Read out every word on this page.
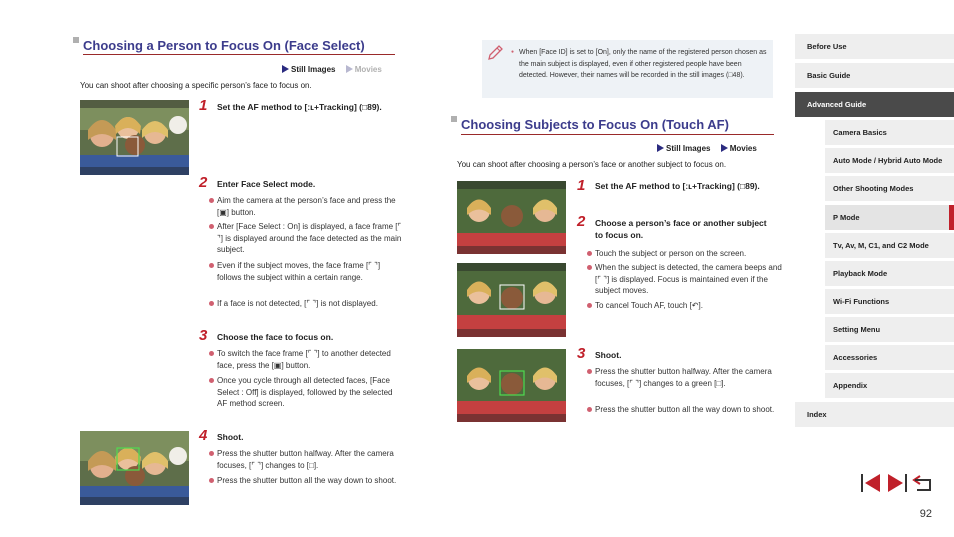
Choosing a Person to Focus On (Face Select)
Still Images Movies
You can shoot after choosing a specific person’s face to focus on.
1 Set the AF method to [ːʟ+Tracking] (□89).
2 Enter Face Select mode.
Aim the camera at the person’s face and press the [▣] button.
After [Face Select : On] is displayed, a face frame [⌜ ⌝] is displayed around the face detected as the main subject.
Even if the subject moves, the face frame [⌜ ⌝] follows the subject within a certain range.
If a face is not detected, [⌜ ⌝] is not displayed.
3 Choose the face to focus on.
To switch the face frame [⌜ ⌝] to another detected face, press the [▣] button.
Once you cycle through all detected faces, [Face Select : Off] is displayed, followed by the selected AF method screen.
4 Shoot.
Press the shutter button halfway. After the camera focuses, [⌜ ⌝] changes to [□].
Press the shutter button all the way down to shoot.
● When [Face ID] is set to [On], only the name of the registered person chosen as the main subject is displayed, even if other registered people have been detected. However, their names will be recorded in the still images (□48).
Choosing Subjects to Focus On (Touch AF)
Still Images Movies
You can shoot after choosing a person’s face or another subject to focus on.
1 Set the AF method to [ːʟ+Tracking] (□89).
2 Choose a person’s face or another subject to focus on.
Touch the subject or person on the screen.
When the subject is detected, the camera beeps and [⌜ ⌝] is displayed. Focus is maintained even if the subject moves.
To cancel Touch AF, touch [↶].
3 Shoot.
Press the shutter button halfway. After the camera focuses, [⌜ ⌝] changes to a green [□].
Press the shutter button all the way down to shoot.
Before Use
Basic Guide
Advanced Guide
Camera Basics
Auto Mode / Hybrid Auto Mode
Other Shooting Modes
P Mode
Tv, Av, M, C1, and C2 Mode
Playback Mode
Wi-Fi Functions
Setting Menu
Accessories
Appendix
Index
92
